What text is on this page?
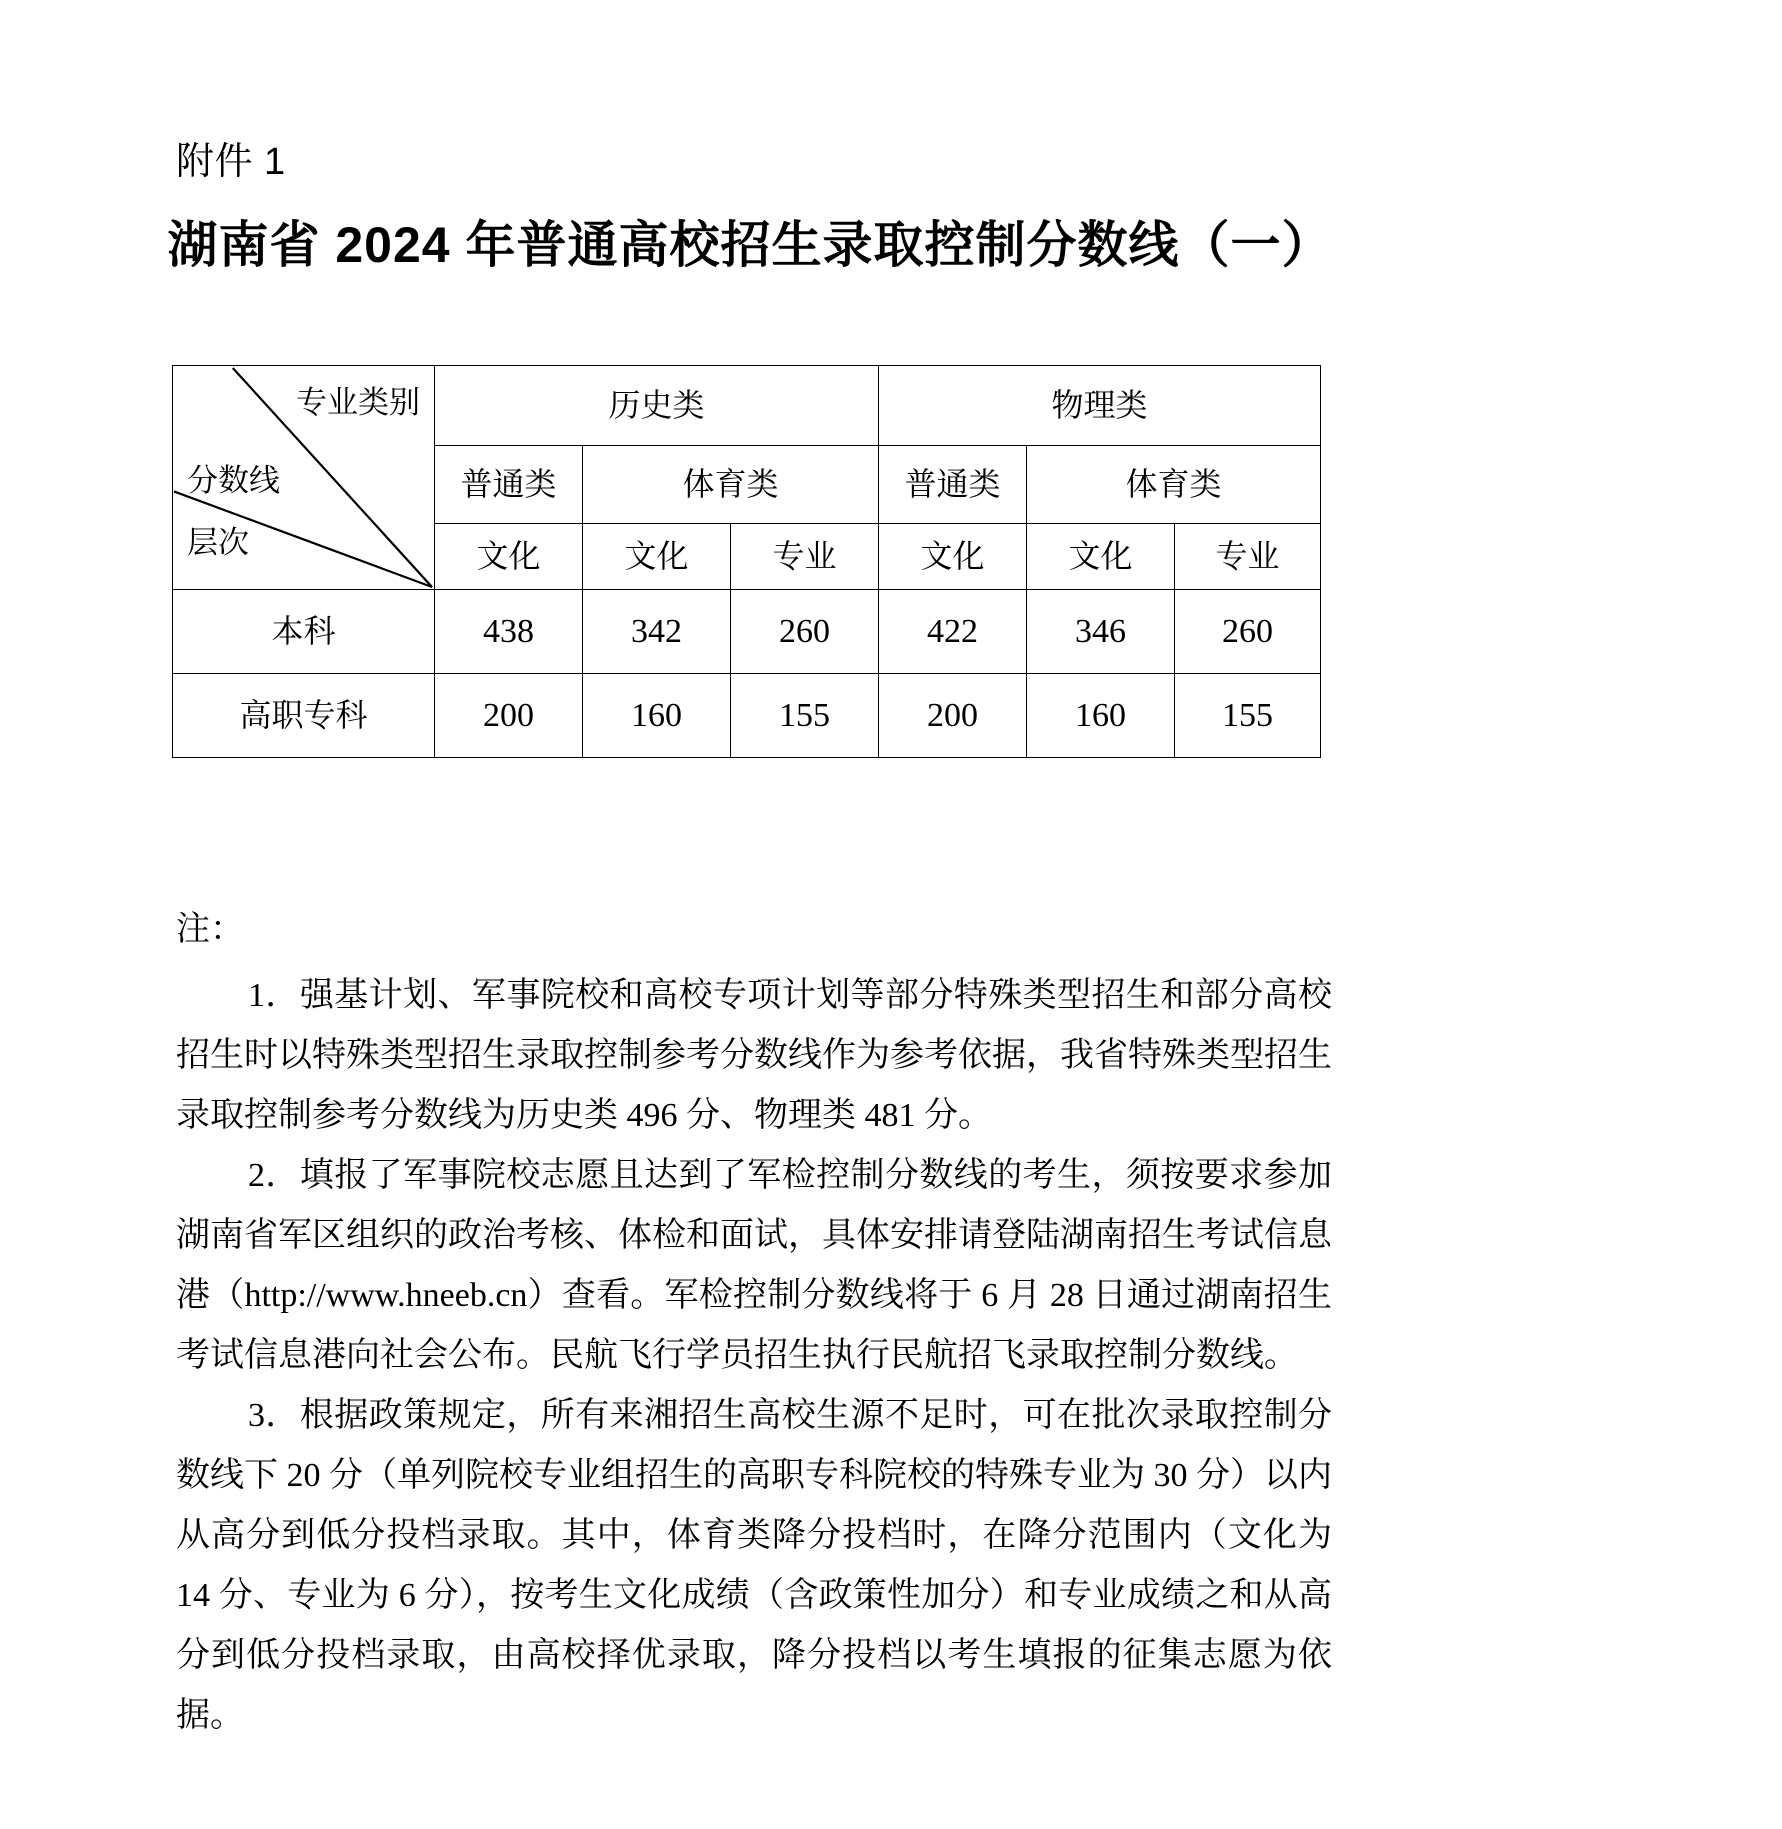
附件 1
湖南省 2024 年普通高校招生录取控制分数线（一）
专业类别
分数线
层次	历史类			物理类		
	普通类	体育类		普通类	体育类	
	文化	文化	专业	文化	文化	专业
本科	438	342	260	422	346	260
高职专科	200	160	155	200	160	155

注：

1．强基计划、军事院校和高校专项计划等部分特殊类型招生和部分高校招生时以特殊类型招生录取控制参考分数线作为参考依据，我省特殊类型招生录取控制参考分数线为历史类 496 分、物理类 481 分。

2．填报了军事院校志愿且达到了军检控制分数线的考生，须按要求参加湖南省军区组织的政治考核、体检和面试，具体安排请登陆湖南招生考试信息港（http://www.hneeb.cn）查看。军检控制分数线将于 6 月 28 日通过湖南招生考试信息港向社会公布。民航飞行学员招生执行民航招飞录取控制分数线。

3．根据政策规定，所有来湘招生高校生源不足时，可在批次录取控制分数线下 20 分（单列院校专业组招生的高职专科院校的特殊专业为 30 分）以内从高分到低分投档录取。其中，体育类降分投档时，在降分范围内（文化为 14 分、专业为 6 分），按考生文化成绩（含政策性加分）和专业成绩之和从高分到低分投档录取，由高校择优录取，降分投档以考生填报的征集志愿为依据。
